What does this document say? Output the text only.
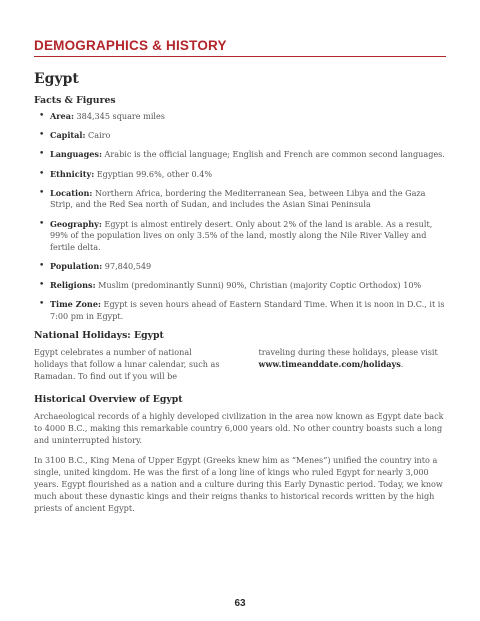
DEMOGRAPHICS & HISTORY
Egypt
Facts & Figures
• Area: 384,345 square miles
• Capital: Cairo
• Languages: Arabic is the official language; English and French are common second languages.
• Ethnicity: Egyptian 99.6%, other 0.4%
• Location: Northern Africa, bordering the Mediterranean Sea, between Libya and the Gaza Strip, and the Red Sea north of Sudan, and includes the Asian Sinai Peninsula
• Geography: Egypt is almost entirely desert. Only about 2% of the land is arable. As a result, 99% of the population lives on only 3.5% of the land, mostly along the Nile River Valley and fertile delta.
• Population: 97,840,549
• Religions: Muslim (predominantly Sunni) 90%, Christian (majority Coptic Orthodox) 10%
• Time Zone: Egypt is seven hours ahead of Eastern Standard Time. When it is noon in D.C., it is 7:00 pm in Egypt.
National Holidays: Egypt

Egypt celebrates a number of national holidays that follow a lunar calendar, such as Ramadan. To find out if you will be

traveling during these holidays, please visit www.timeanddate.com/holidays.

Historical Overview of Egypt

Archaeological records of a highly developed civilization in the area now known as Egypt date back to 4000 B.C., making this remarkable country 6,000 years old. No other country boasts such a long and uninterrupted history.

In 3100 B.C., King Mena of Upper Egypt (Greeks knew him as “Menes”) unified the country into a single, united kingdom. He was the first of a long line of kings who ruled Egypt for nearly 3,000 years. Egypt flourished as a nation and a culture during this Early Dynastic period. Today, we know much about these dynastic kings and their reigns thanks to historical records written by the high priests of ancient Egypt.

63
